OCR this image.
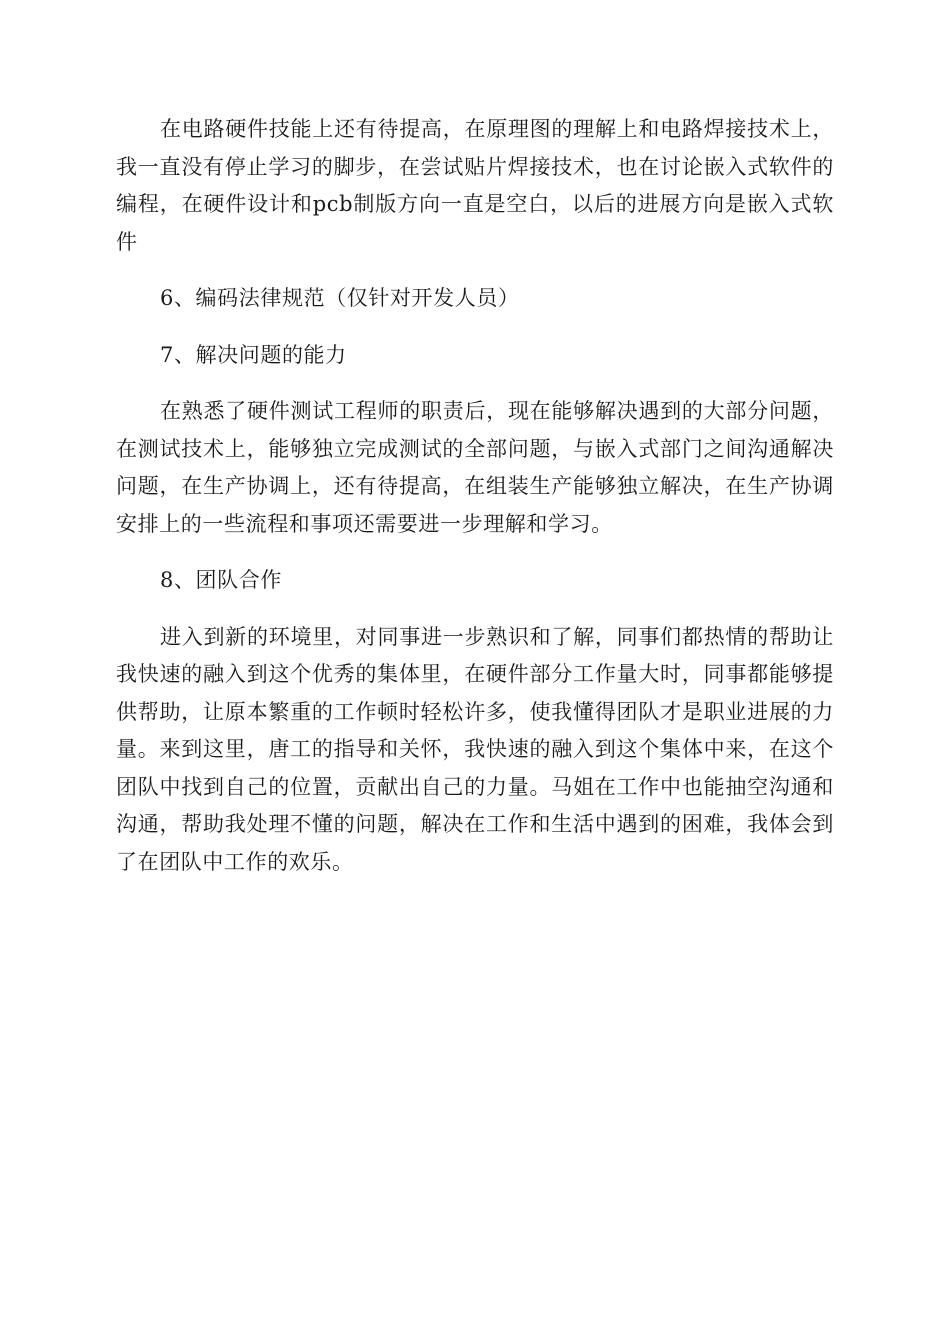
在电路硬件技能上还有待提高，在原理图的理解上和电路焊接技术上，我一直没有停止学习的脚步，在尝试贴片焊接技术，也在讨论嵌入式软件的编程，在硬件设计和pcb制版方向一直是空白，以后的进展方向是嵌入式软件

6、编码法律规范（仅针对开发人员）

7、解决问题的能力

在熟悉了硬件测试工程师的职责后，现在能够解决遇到的大部分问题，在测试技术上，能够独立完成测试的全部问题，与嵌入式部门之间沟通解决问题，在生产协调上，还有待提高，在组装生产能够独立解决，在生产协调安排上的一些流程和事项还需要进一步理解和学习。

8、团队合作

进入到新的环境里，对同事进一步熟识和了解，同事们都热情的帮助让我快速的融入到这个优秀的集体里，在硬件部分工作量大时，同事都能够提供帮助，让原本繁重的工作顿时轻松许多，使我懂得团队才是职业进展的力量。来到这里，唐工的指导和关怀，我快速的融入到这个集体中来，在这个团队中找到自己的位置，贡献出自己的力量。马姐在工作中也能抽空沟通和沟通，帮助我处理不懂的问题，解决在工作和生活中遇到的困难，我体会到了在团队中工作的欢乐。
